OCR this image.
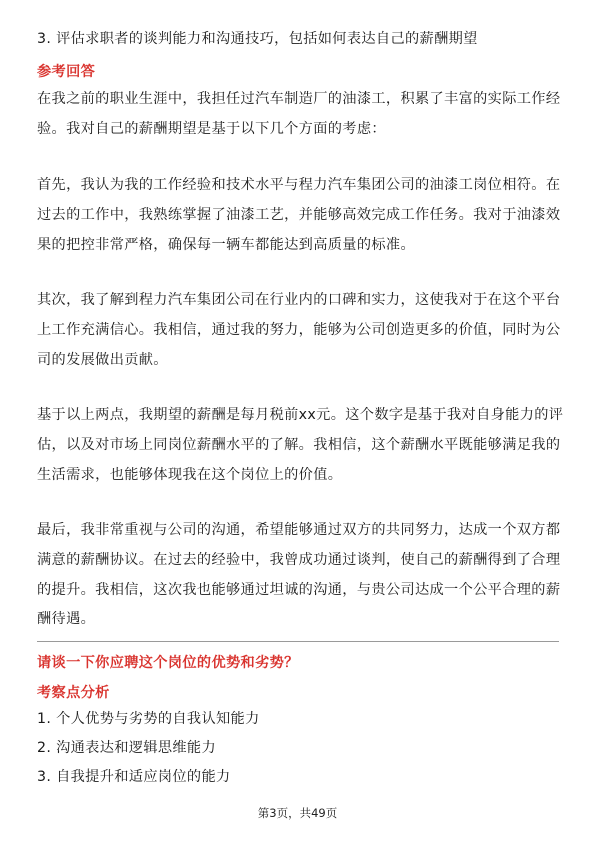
3. 评估求职者的谈判能力和沟通技巧，包括如何表达自己的薪酬期望
参考回答
在我之前的职业生涯中，我担任过汽车制造厂的油漆工，积累了丰富的实际工作经
验。我对自己的薪酬期望是基于以下几个方面的考虑：
首先，我认为我的工作经验和技术水平与程力汽车集团公司的油漆工岗位相符。在
过去的工作中，我熟练掌握了油漆工艺，并能够高效完成工作任务。我对于油漆效
果的把控非常严格，确保每一辆车都能达到高质量的标准。
其次，我了解到程力汽车集团公司在行业内的口碑和实力，这使我对于在这个平台
上工作充满信心。我相信，通过我的努力，能够为公司创造更多的价值，同时为公
司的发展做出贡献。
基于以上两点，我期望的薪酬是每月税前xx元。这个数字是基于我对自身能力的评
估，以及对市场上同岗位薪酬水平的了解。我相信，这个薪酬水平既能够满足我的
生活需求，也能够体现我在这个岗位上的价值。
最后，我非常重视与公司的沟通，希望能够通过双方的共同努力，达成一个双方都
满意的薪酬协议。在过去的经验中，我曾成功通过谈判，使自己的薪酬得到了合理
的提升。我相信，这次我也能够通过坦诚的沟通，与贵公司达成一个公平合理的薪
酬待遇。
请谈一下你应聘这个岗位的优势和劣势？
考察点分析
1. 个人优势与劣势的自我认知能力
2. 沟通表达和逻辑思维能力
3. 自我提升和适应岗位的能力
第3页，共49页
